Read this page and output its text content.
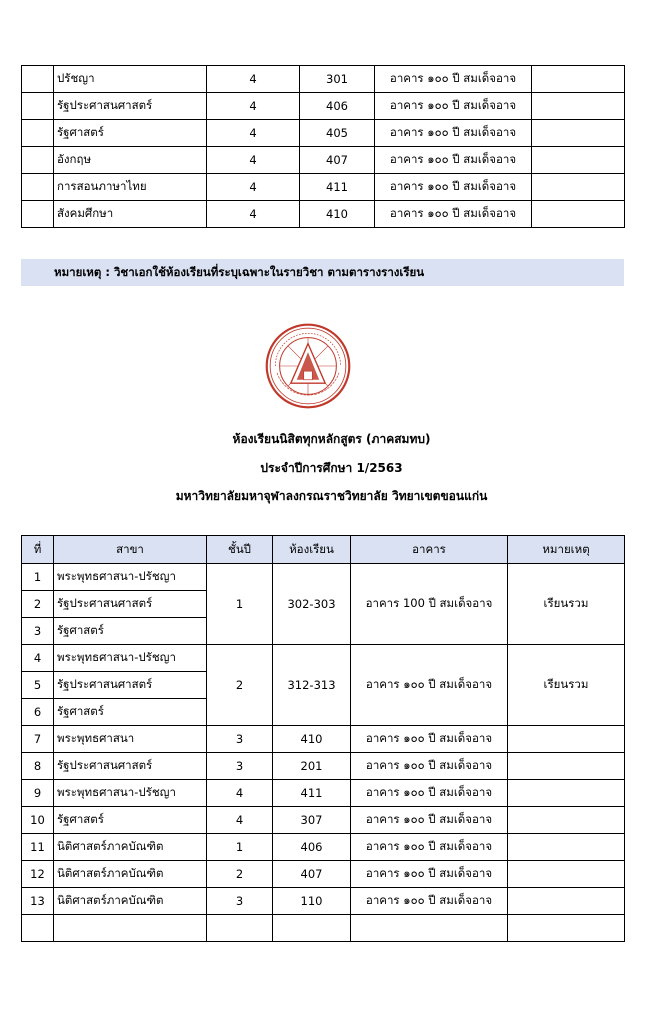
	ปรัชญา	4	301	อาคาร ๑๐๐ ปี สมเด็จอาจ	
	รัฐประศาสนศาสตร์	4	406	อาคาร ๑๐๐ ปี สมเด็จอาจ	
	รัฐศาสตร์	4	405	อาคาร ๑๐๐ ปี สมเด็จอาจ	
	อังกฤษ	4	407	อาคาร ๑๐๐ ปี สมเด็จอาจ	
	การสอนภาษาไทย	4	411	อาคาร ๑๐๐ ปี สมเด็จอาจ	
	สังคมศึกษา	4	410	อาคาร ๑๐๐ ปี สมเด็จอาจ	
หมายเหตุ : วิชาเอกใช้ห้องเรียนที่ระบุเฉพาะในรายวิชา ตามตารางรางเรียน
ห้องเรียนนิสิตทุกหลักสูตร (ภาคสมทบ)
ประจำปีการศึกษา 1/2563
มหาวิทยาลัยมหาจุฬาลงกรณราชวิทยาลัย วิทยาเขตขอนแก่น
ที่	สาขา	ชั้นปี	ห้องเรียน	อาคาร	หมายเหตุ
1	พระพุทธศาสนา-ปรัชญา	1	302-303	อาคาร 100 ปี สมเด็จอาจ	เรียนรวม
2	รัฐประศาสนศาสตร์				
3	รัฐศาสตร์				
4	พระพุทธศาสนา-ปรัชญา	2	312-313	อาคาร ๑๐๐ ปี สมเด็จอาจ	เรียนรวม
5	รัฐประศาสนศาสตร์				
6	รัฐศาสตร์				
7	พระพุทธศาสนา	3	410	อาคาร ๑๐๐ ปี สมเด็จอาจ	
8	รัฐประศาสนศาสตร์	3	201	อาคาร ๑๐๐ ปี สมเด็จอาจ	
9	พระพุทธศาสนา-ปรัชญา	4	411	อาคาร ๑๐๐ ปี สมเด็จอาจ	
10	รัฐศาสตร์	4	307	อาคาร ๑๐๐ ปี สมเด็จอาจ	
11	นิติศาสตร์ภาคบัณฑิต	1	406	อาคาร ๑๐๐ ปี สมเด็จอาจ	
12	นิติศาสตร์ภาคบัณฑิต	2	407	อาคาร ๑๐๐ ปี สมเด็จอาจ	
13	นิติศาสตร์ภาคบัณฑิต	3	110	อาคาร ๑๐๐ ปี สมเด็จอาจ	
